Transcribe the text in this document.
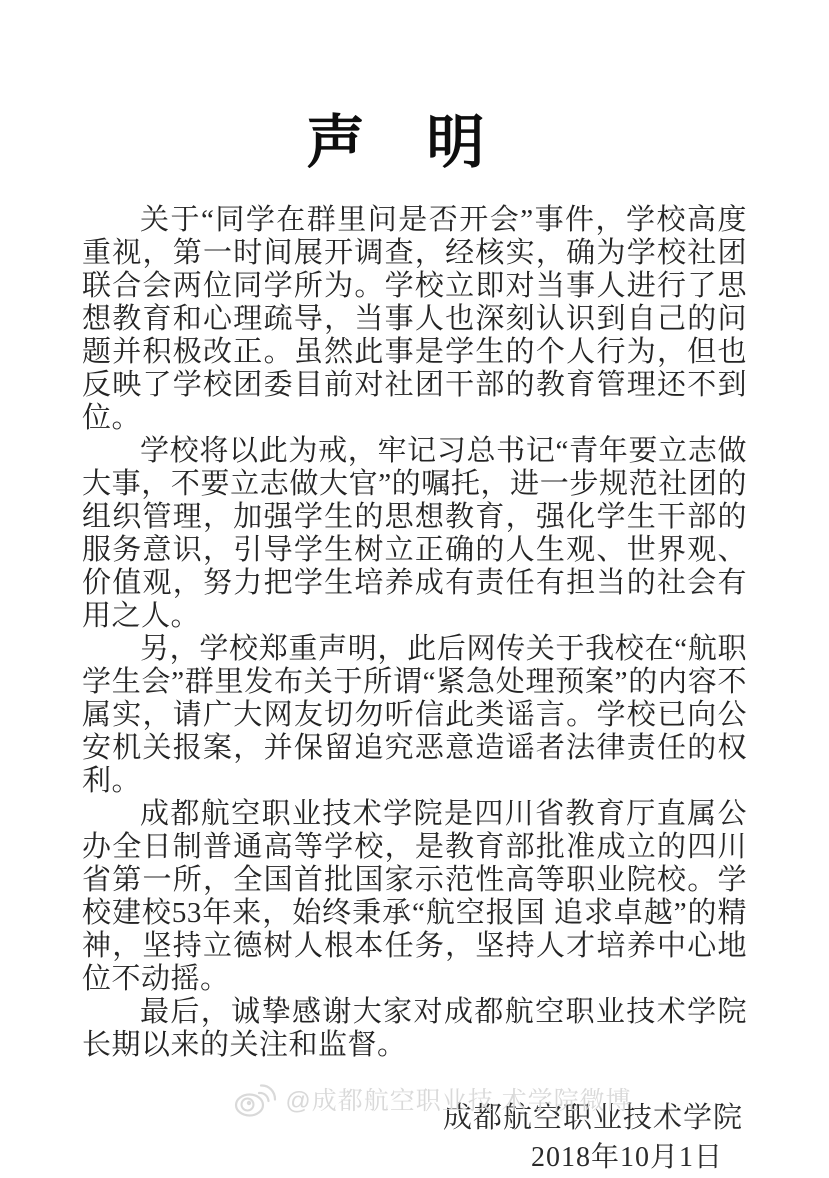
声　明

关于“同学在群里问是否开会”事件，学校高度重视，第一时间展开调查，经核实，确为学校社团联合会两位同学所为。学校立即对当事人进行了思想教育和心理疏导，当事人也深刻认识到自己的问题并积极改正。虽然此事是学生的个人行为，但也反映了学校团委目前对社团干部的教育管理还不到位。

学校将以此为戒，牢记习总书记“青年要立志做大事，不要立志做大官”的嘱托，进一步规范社团的组织管理，加强学生的思想教育，强化学生干部的服务意识，引导学生树立正确的人生观、世界观、价值观，努力把学生培养成有责任有担当的社会有用之人。

另，学校郑重声明，此后网传关于我校在“航职学生会”群里发布关于所谓“紧急处理预案”的内容不属实，请广大网友切勿听信此类谣言。学校已向公安机关报案，并保留追究恶意造谣者法律责任的权利。

成都航空职业技术学院是四川省教育厅直属公办全日制普通高等学校，是教育部批准成立的四川省第一所，全国首批国家示范性高等职业院校。学校建校53年来，始终秉承“航空报国 追求卓越”的精神，坚持立德树人根本任务，坚持人才培养中心地位不动摇。

最后，诚挚感谢大家对成都航空职业技术学院长期以来的关注和监督。

成都航空职业技术学院
2018年10月1日
@成都航空职业技 术学院微博
